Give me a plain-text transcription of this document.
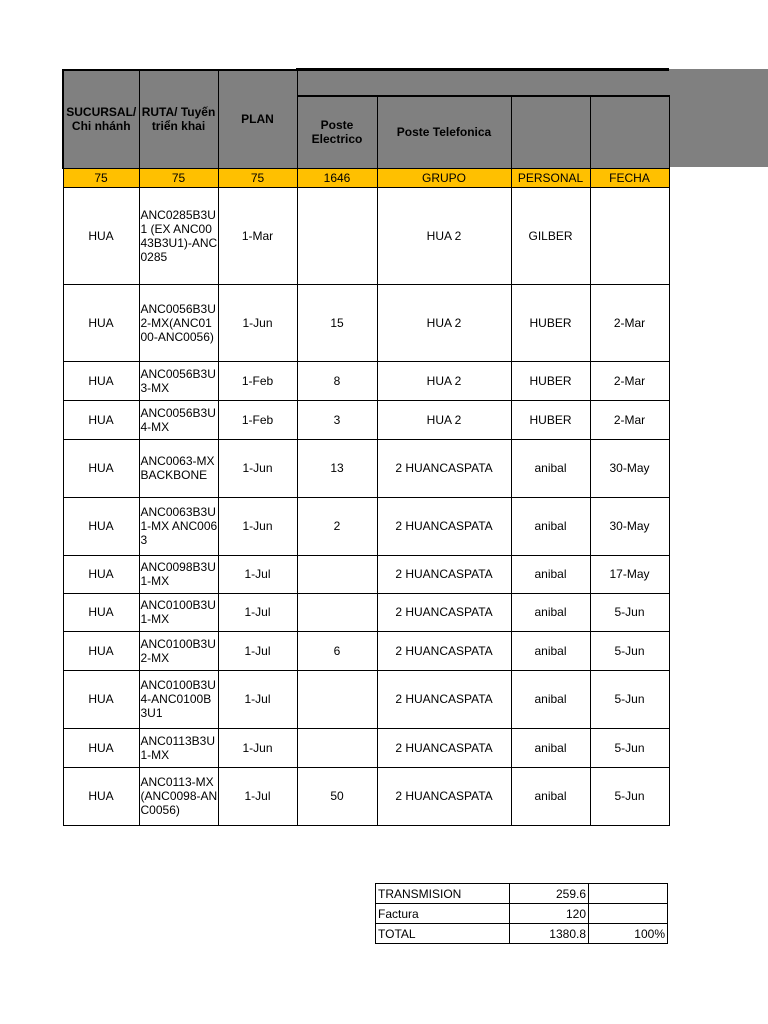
SUCURSAL/ Chi nhánh	RUTA/ Tuyến triển khai	PLAN				
			Poste Electrico	Poste Telefonica		
75	75	75	1646	GRUPO	PERSONAL	FECHA
HUA	ANC0285B3U1 (EX ANC0043B3U1)-ANC0285	1-Mar		HUA 2	GILBER	
HUA	ANC0056B3U2-MX(ANC0100-ANC0056)	1-Jun	15	HUA 2	HUBER	2-Mar
HUA	ANC0056B3U3-MX	1-Feb	8	HUA 2	HUBER	2-Mar
HUA	ANC0056B3U4-MX	1-Feb	3	HUA 2	HUBER	2-Mar
HUA	ANC0063-MX BACKBONE	1-Jun	13	2 HUANCASPATA	anibal	30-May
HUA	ANC0063B3U1-MX ANC0063	1-Jun	2	2 HUANCASPATA	anibal	30-May
HUA	ANC0098B3U1-MX	1-Jul		2 HUANCASPATA	anibal	17-May
HUA	ANC0100B3U1-MX	1-Jul		2 HUANCASPATA	anibal	5-Jun
HUA	ANC0100B3U2-MX	1-Jul	6	2 HUANCASPATA	anibal	5-Jun
HUA	ANC0100B3U4-ANC0100B3U1	1-Jul		2 HUANCASPATA	anibal	5-Jun
HUA	ANC0113B3U1-MX	1-Jun		2 HUANCASPATA	anibal	5-Jun
HUA	ANC0113-MX(ANC0098-ANC0056)	1-Jul	50	2 HUANCASPATA	anibal	5-Jun
TRANSMISION	259.6	
Factura	120	
TOTAL	1380.8	100%
